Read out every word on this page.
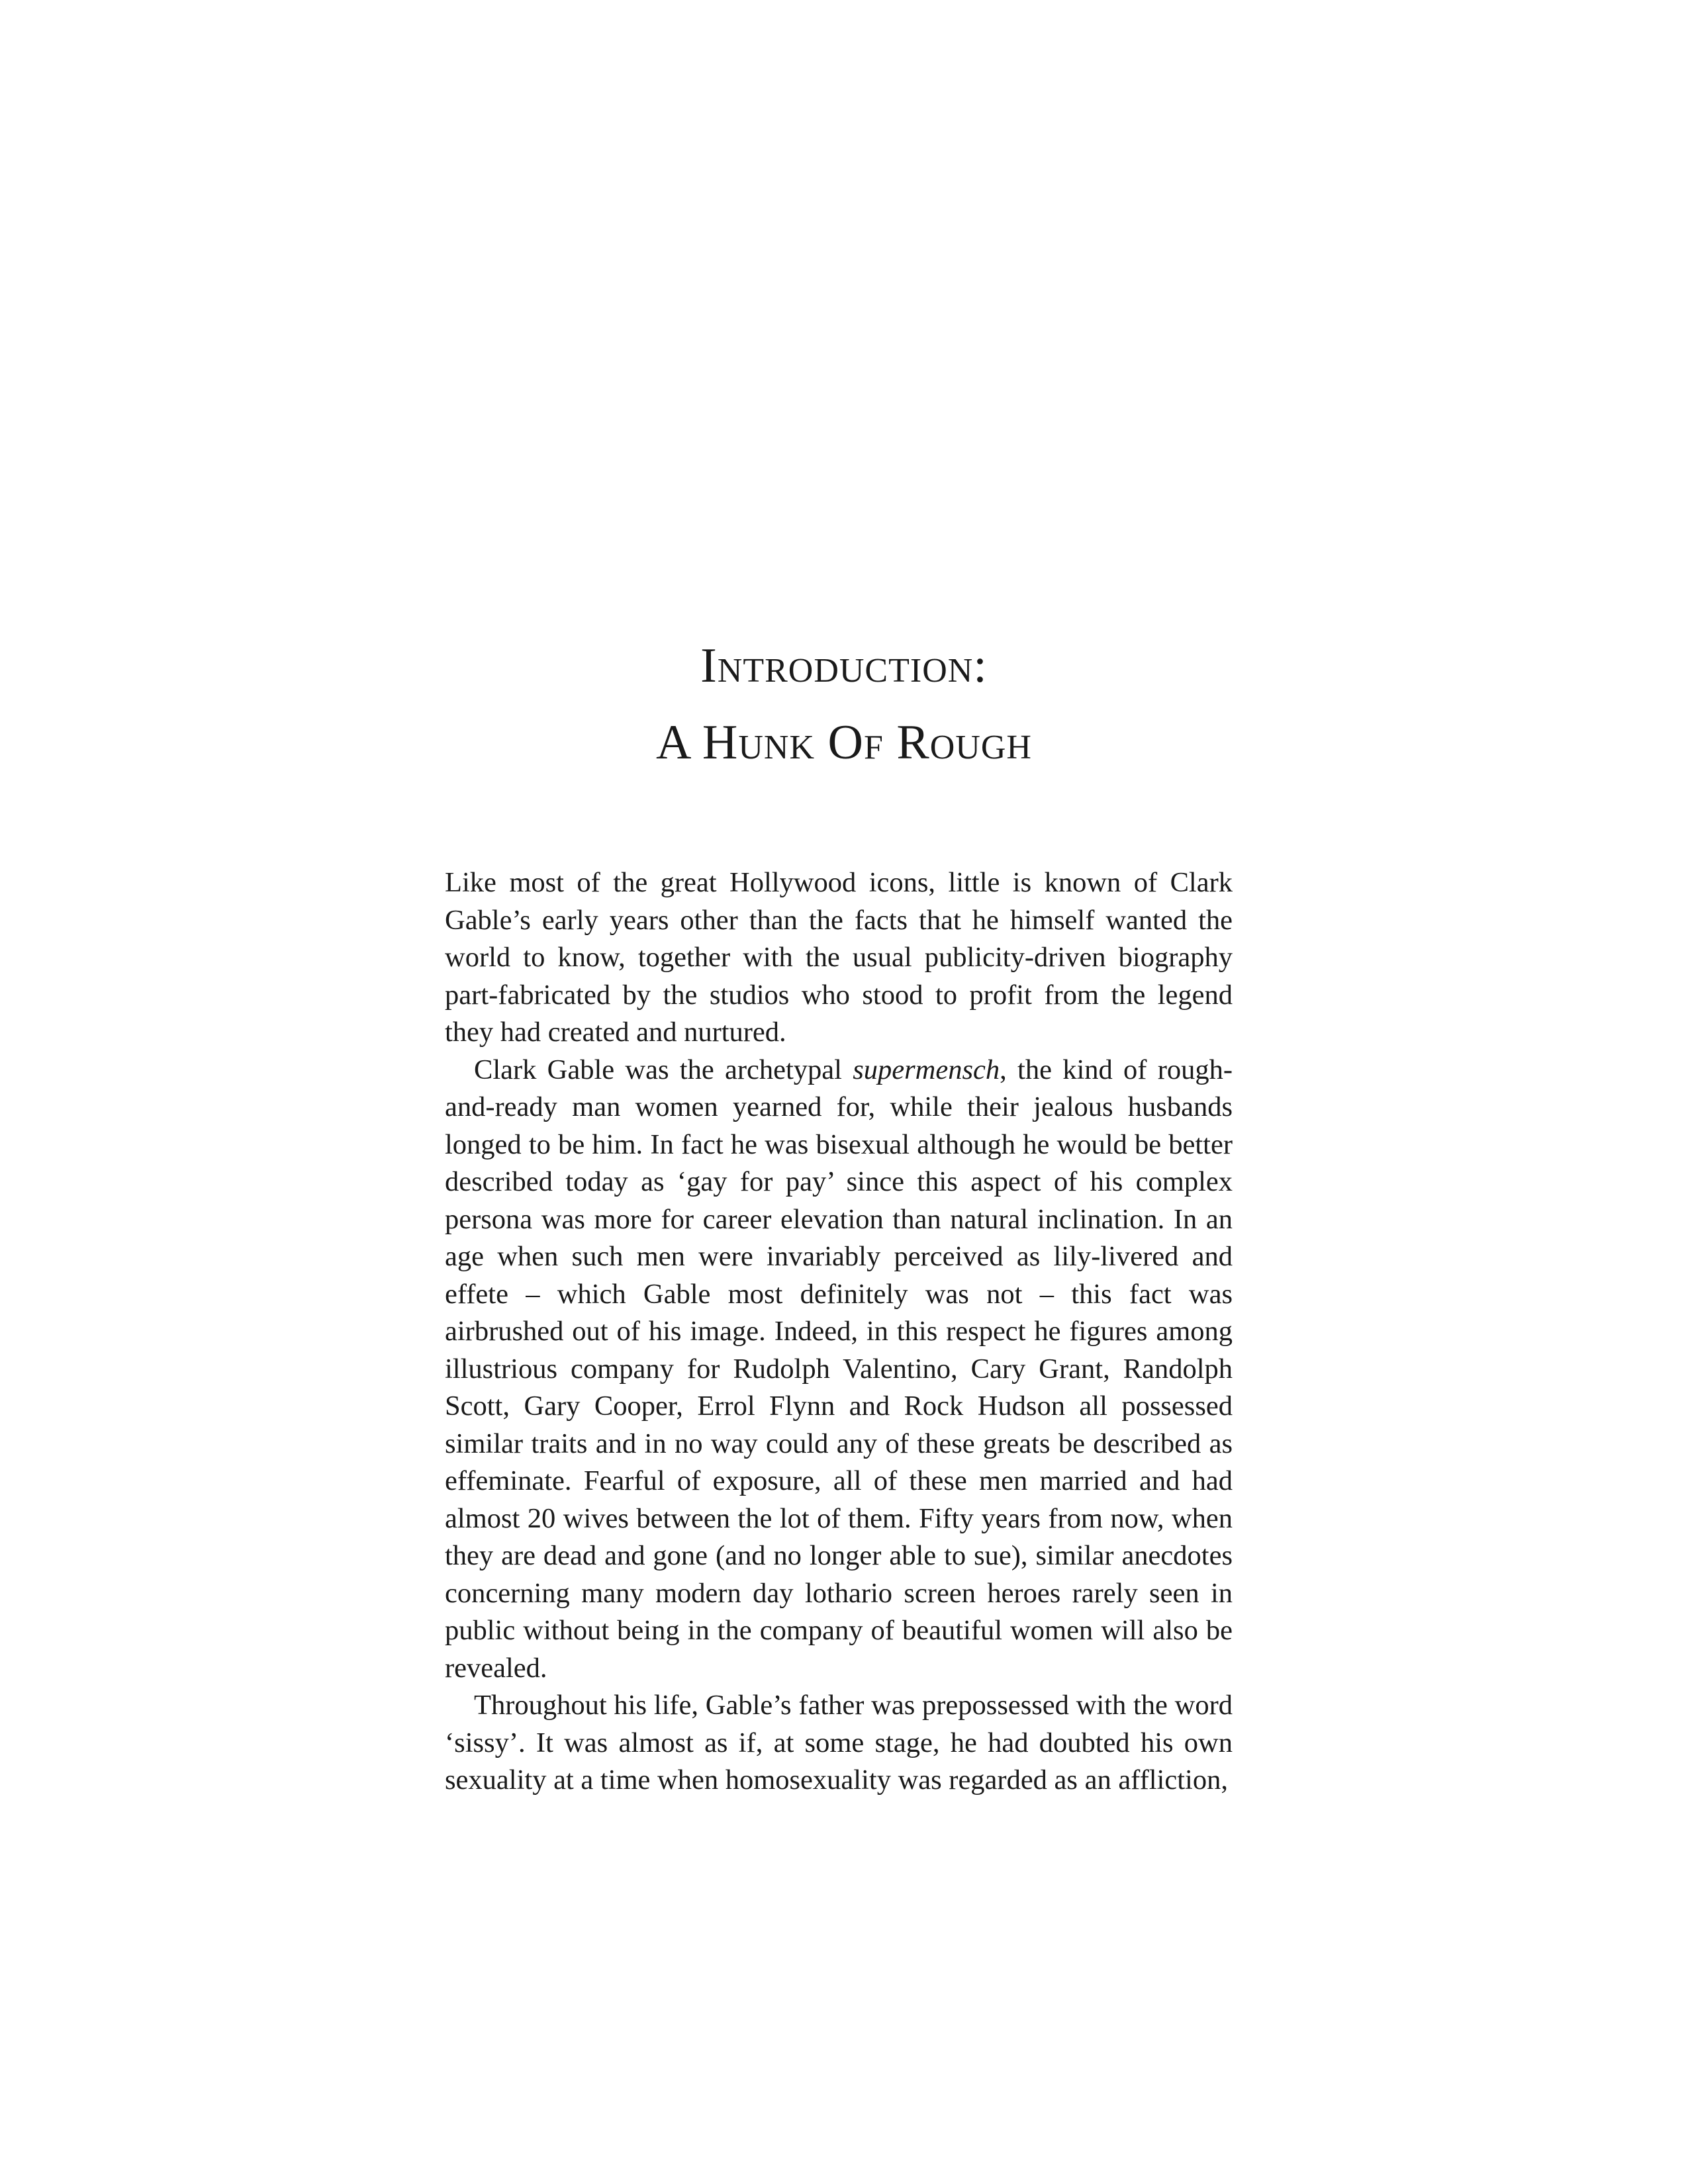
Introduction:
A Hunk Of Rough

Like most of the great Hollywood icons, little is known of Clark Gable’s early years other than the facts that he himself wanted the world to know, together with the usual publicity-driven biography part-fabricated by the studios who stood to profit from the legend they had created and nurtured.

Clark Gable was the archetypal supermensch, the kind of rough-and-ready man women yearned for, while their jealous husbands longed to be him. In fact he was bisexual although he would be better described today as ‘gay for pay’ since this aspect of his complex persona was more for career elevation than natural inclination. In an age when such men were invariably perceived as lily-livered and effete – which Gable most definitely was not – this fact was airbrushed out of his image. Indeed, in this respect he figures among illustrious company for Rudolph Valentino, Cary Grant, Randolph Scott, Gary Cooper, Errol Flynn and Rock Hudson all possessed similar traits and in no way could any of these greats be described as effeminate. Fearful of exposure, all of these men married and had almost 20 wives between the lot of them. Fifty years from now, when they are dead and gone (and no longer able to sue), similar anecdotes concerning many modern day lothario screen heroes rarely seen in public without being in the company of beautiful women will also be revealed.

Throughout his life, Gable’s father was prepossessed with the word ‘sissy’. It was almost as if, at some stage, he had doubted his own sexuality at a time when homosexuality was regarded as an affliction,
